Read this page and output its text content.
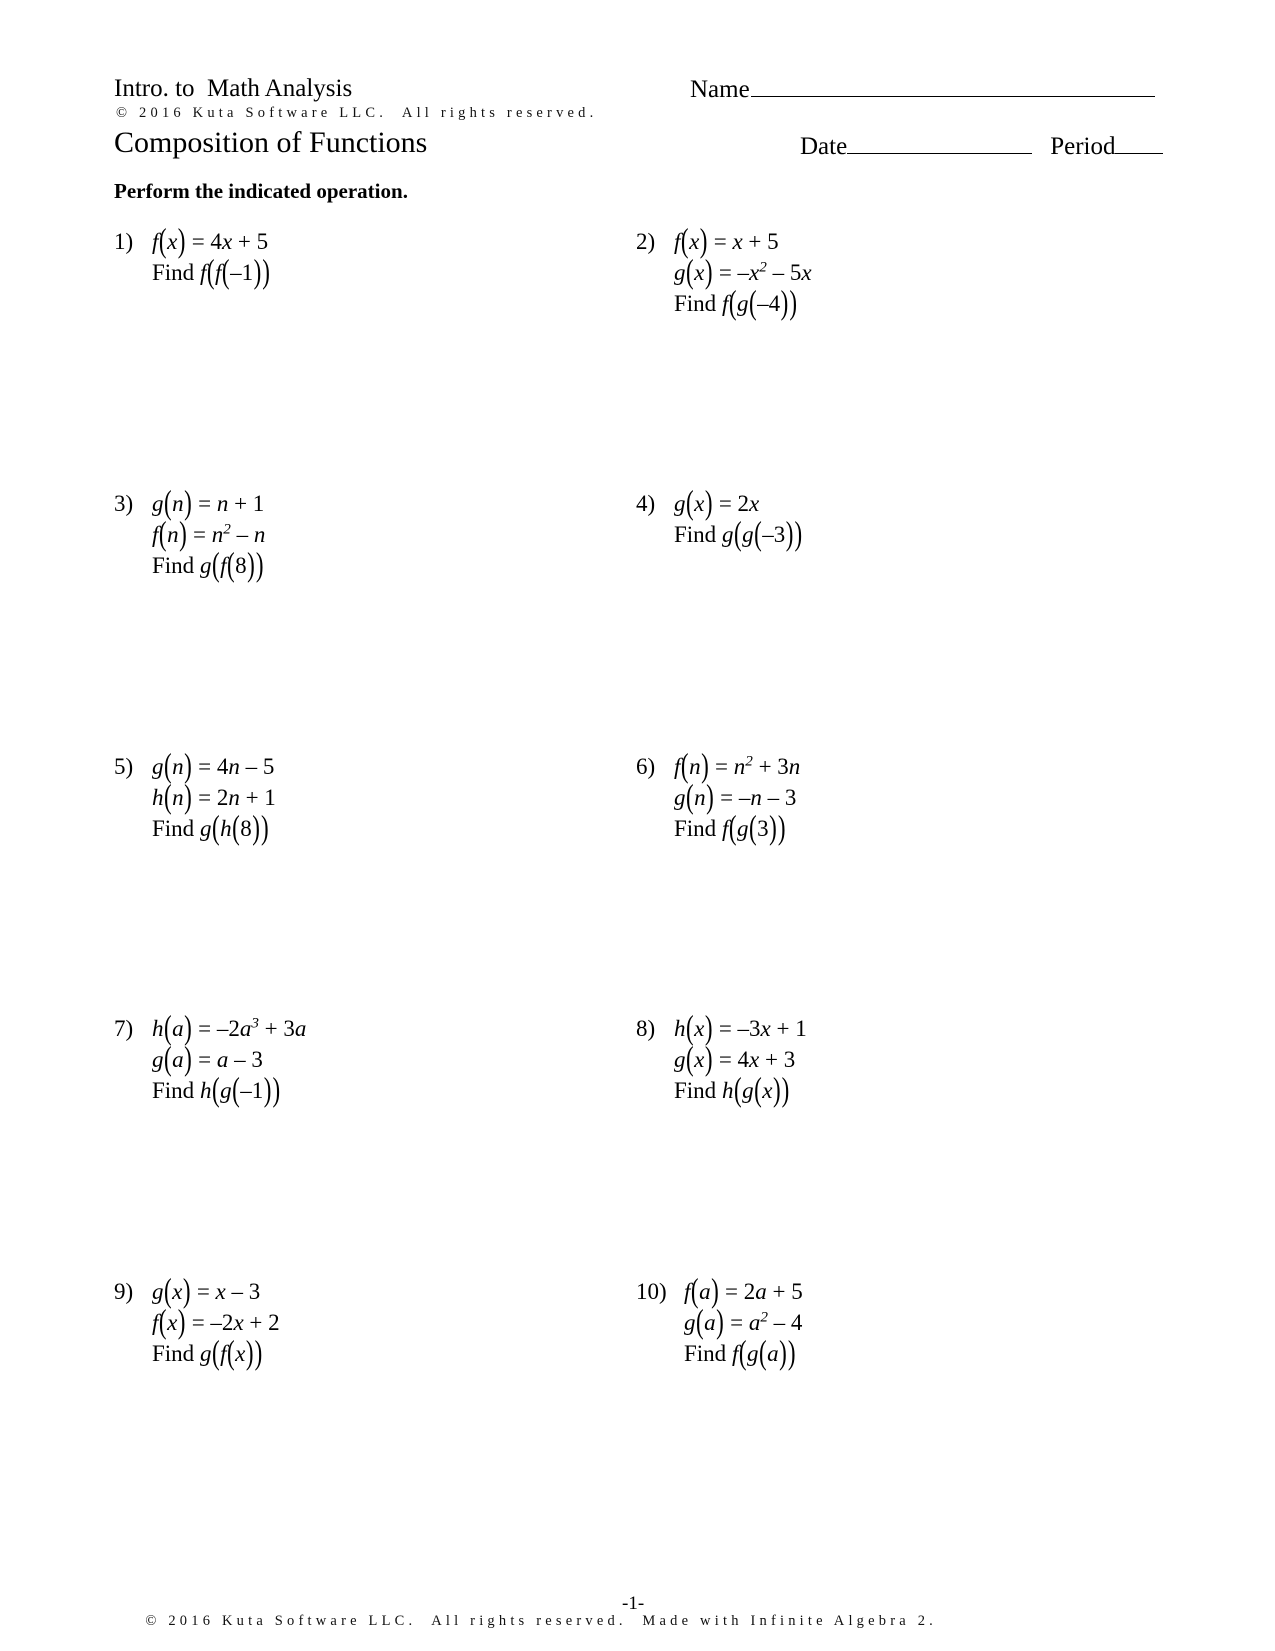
Intro. to  Math Analysis
© 2016 Kuta Software LLC.  All rights reserved.
Composition of Functions
Name
Date	Period
Perform the indicated operation.
1) f(x) = 4x + 5
Find f(f(–1))
2) f(x) = x + 5
$g(x) = -x^2 - 5x$
Find f(g(–4))
3) g(n) = n + 1
$f(n) = n^2 - n$
Find g(f(8))
4) g(x) = 2x
Find g(g(–3))
5) g(n) = 4n – 5
h(n) = 2n + 1
Find g(h(8))
6) $f(n) = n^2 + 3n$
g(n) = –n – 3
Find f(g(3))
7) $h(a) = -2a^3 + 3a$
g(a) = a – 3
Find h(g(–1))
8) h(x) = –3x + 1
g(x) = 4x + 3
Find h(g(x))
9) g(x) = x – 3
f(x) = –2x + 2
Find g(f(x))
10) f(a) = 2a + 5
$g(a) = a^2 - 4$
Find f(g(a))

© 2016 Kuta Software LLC.  All rights reserved. Made with Infinite Algebra 2.

-1-
